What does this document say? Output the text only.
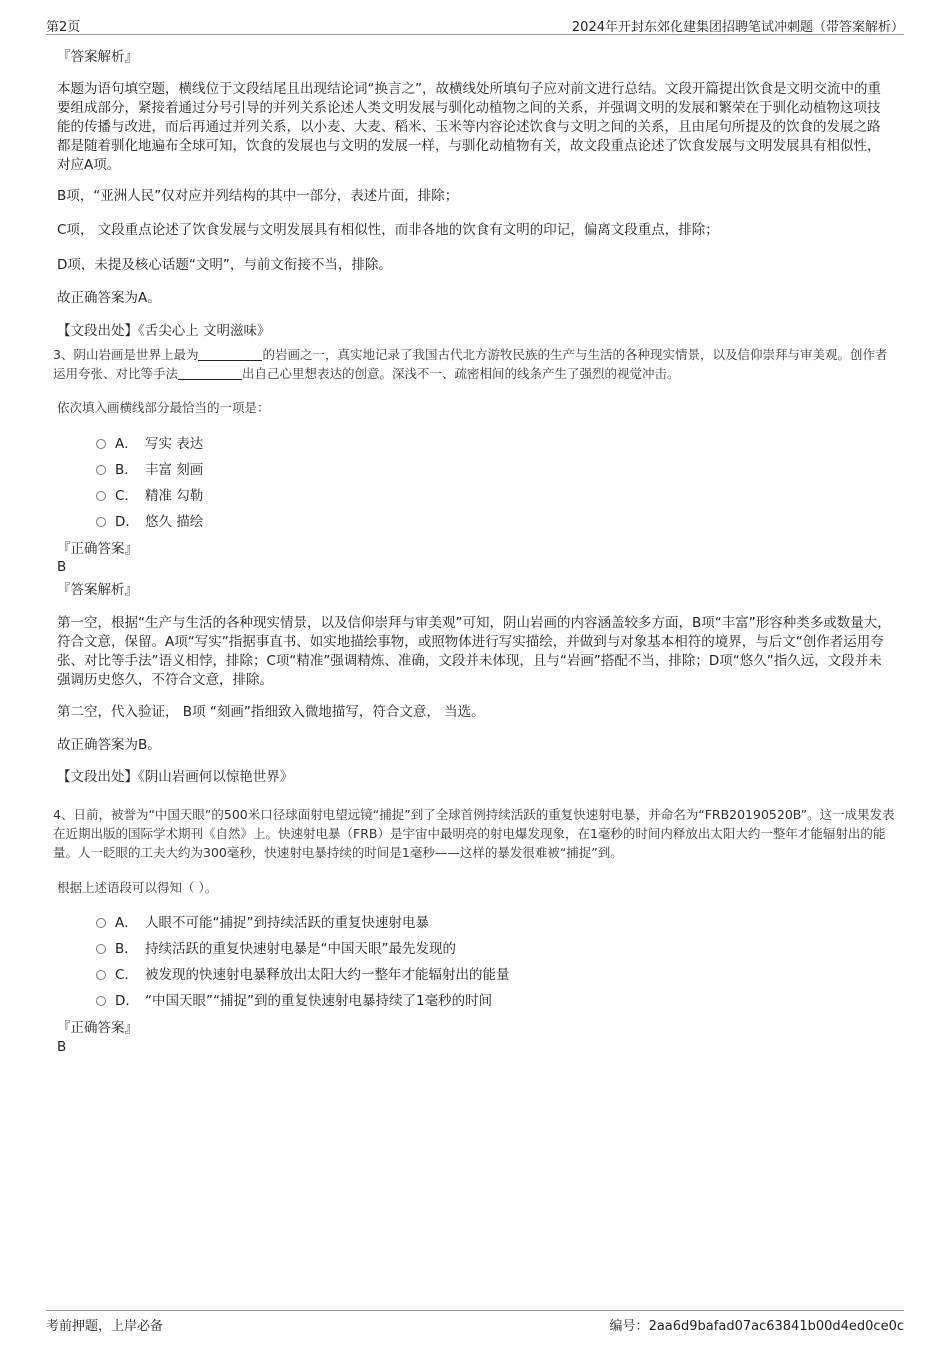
第2页	2024年开封东郊化建集团招聘笔试冲刺题（带答案解析）
『答案解析』

本题为语句填空题，横线位于文段结尾且出现结论词“换言之”，故横线处所填句子应对前文进行总结。文段开篇提出饮食是文明交流中的重要组成部分，紧接着通过分号引导的并列关系论述人类文明发展与驯化动植物之间的关系，并强调文明的发展和繁荣在于驯化动植物这项技能的传播与改进，而后再通过并列关系，以小麦、大麦、稻米、玉米等内容论述饮食与文明之间的关系，且由尾句所提及的饮食的发展之路都是随着驯化地遍布全球可知，饮食的发展也与文明的发展一样，与驯化动植物有关，故文段重点论述了饮食发展与文明发展具有相似性，对应A项。

B项，“亚洲人民”仅对应并列结构的其中一部分，表述片面，排除；

C项， 文段重点论述了饮食发展与文明发展具有相似性，而非各地的饮食有文明的印记，偏离文段重点，排除；

D项，未提及核心话题“文明”，与前文衔接不当，排除。

故正确答案为A。

【文段出处】《舌尖心上 文明滋味》

3、阴山岩画是世界上最为	的岩画之一，真实地记录了我国古代北方游牧民族的生产与生活的各种现实情景，以及信仰崇拜与审美观。创作者运用夸张、对比等手法	出自己心里想表达的创意。深浅不一、疏密相间的线条产生了强烈的视觉冲击。

依次填入画横线部分最恰当的一项是：

A． 写实 表达
B． 丰富 刻画
C． 精准 勾勒
D． 悠久 描绘
『正确答案』
B
『答案解析』

第一空，根据“生产与生活的各种现实情景，以及信仰崇拜与审美观”可知，阴山岩画的内容涵盖较多方面，B项“丰富”形容种类多或数量大，符合文意，保留。A项“写实”指据事直书、如实地描绘事物，或照物体进行写实描绘，并做到与对象基本相符的境界，与后文“创作者运用夸张、对比等手法”语义相悖，排除；C项“精准”强调精炼、准确，文段并未体现，且与“岩画”搭配不当，排除；D项“悠久”指久远，文段并未强调历史悠久，不符合文意，排除。

第二空，代入验证， B项 “刻画”指细致入微地描写，符合文意， 当选。

故正确答案为B。

【文段出处】《阴山岩画何以惊艳世界》

4、日前，被誉为“中国天眼”的500米口径球面射电望远镜“捕捉”到了全球首例持续活跃的重复快速射电暴，并命名为“FRB20190520B”。这一成果发表在近期出版的国际学术期刊《自然》上。快速射电暴（FRB）是宇宙中最明亮的射电爆发现象，在1毫秒的时间内释放出太阳大约一整年才能辐射出的能量。人一眨眼的工夫大约为300毫秒，快速射电暴持续的时间是1毫秒——这样的暴发很难被“捕捉”到。

根据上述语段可以得知（ ）。

A． 人眼不可能“捕捉”到持续活跃的重复快速射电暴
B． 持续活跃的重复快速射电暴是“中国天眼”最先发现的
C． 被发现的快速射电暴释放出太阳大约一整年才能辐射出的能量
D． “中国天眼”“捕捉”到的重复快速射电暴持续了1毫秒的时间
『正确答案』
B
考前押题，上岸必备	编号：2aa6d9bafad07ac63841b00d4ed0ce0c
